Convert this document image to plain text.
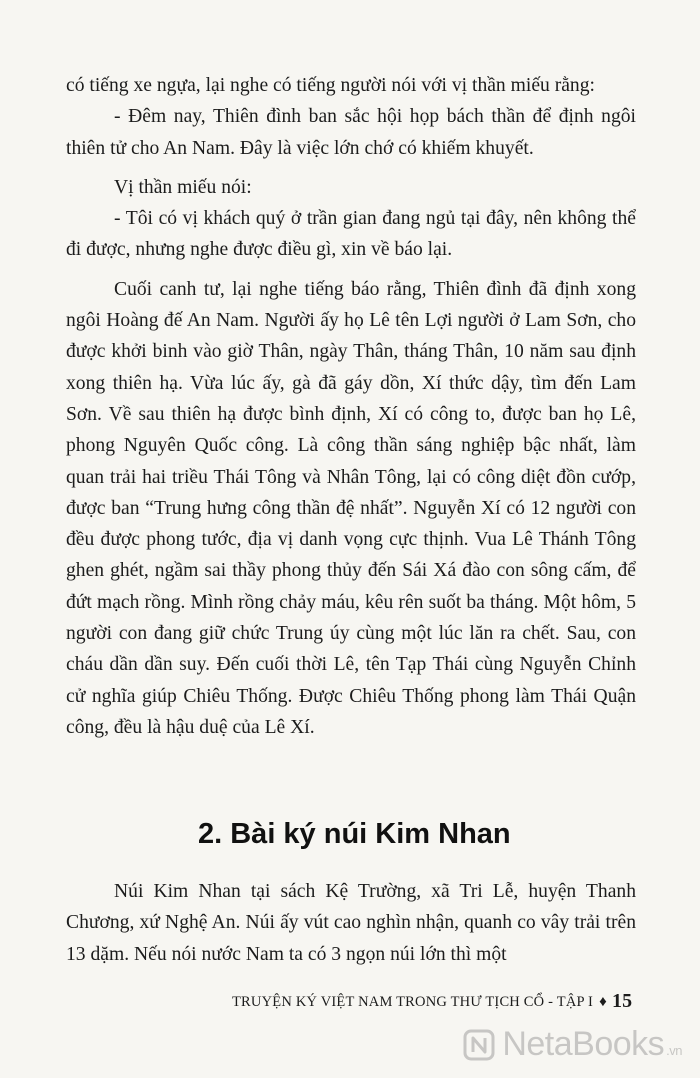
có tiếng xe ngựa, lại nghe có tiếng người nói với vị thần miếu rằng:

- Đêm nay, Thiên đình ban sắc hội họp bách thần để định ngôi thiên tử cho An Nam. Đây là việc lớn chớ có khiếm khuyết.

Vị thần miếu nói:

- Tôi có vị khách quý ở trần gian đang ngủ tại đây, nên không thể đi được, nhưng nghe được điều gì, xin về báo lại.

Cuối canh tư, lại nghe tiếng báo rằng, Thiên đình đã định xong ngôi Hoàng đế An Nam. Người ấy họ Lê tên Lợi người ở Lam Sơn, cho được khởi binh vào giờ Thân, ngày Thân, tháng Thân, 10 năm sau định xong thiên hạ. Vừa lúc ấy, gà đã gáy dồn, Xí thức dậy, tìm đến Lam Sơn. Về sau thiên hạ được bình định, Xí có công to, được ban họ Lê, phong Nguyên Quốc công. Là công thần sáng nghiệp bậc nhất, làm quan trải hai triều Thái Tông và Nhân Tông, lại có công diệt đồn cướp, được ban “Trung hưng công thần đệ nhất”. Nguyễn Xí có 12 người con đều được phong tước, địa vị danh vọng cực thịnh. Vua Lê Thánh Tông ghen ghét, ngầm sai thầy phong thủy đến Sái Xá đào con sông cấm, để đứt mạch rồng. Mình rồng chảy máu, kêu rên suốt ba tháng. Một hôm, 5 người con đang giữ chức Trung úy cùng một lúc lăn ra chết. Sau, con cháu dần dần suy. Đến cuối thời Lê, tên Tạp Thái cùng Nguyễn Chỉnh cử nghĩa giúp Chiêu Thống. Được Chiêu Thống phong làm Thái Quận công, đều là hậu duệ của Lê Xí.

2. Bài ký núi Kim Nhan

Núi Kim Nhan tại sách Kệ Trường, xã Tri Lễ, huyện Thanh Chương, xứ Nghệ An. Núi ấy vút cao nghìn nhận, quanh co vây trải trên 13 dặm. Nếu nói nước Nam ta có 3 ngọn núi lớn thì một

TRUYỆN KÝ VIỆT NAM TRONG THƯ TỊCH CỔ - TẬP I ♦ 15
NetaBooks .vn
